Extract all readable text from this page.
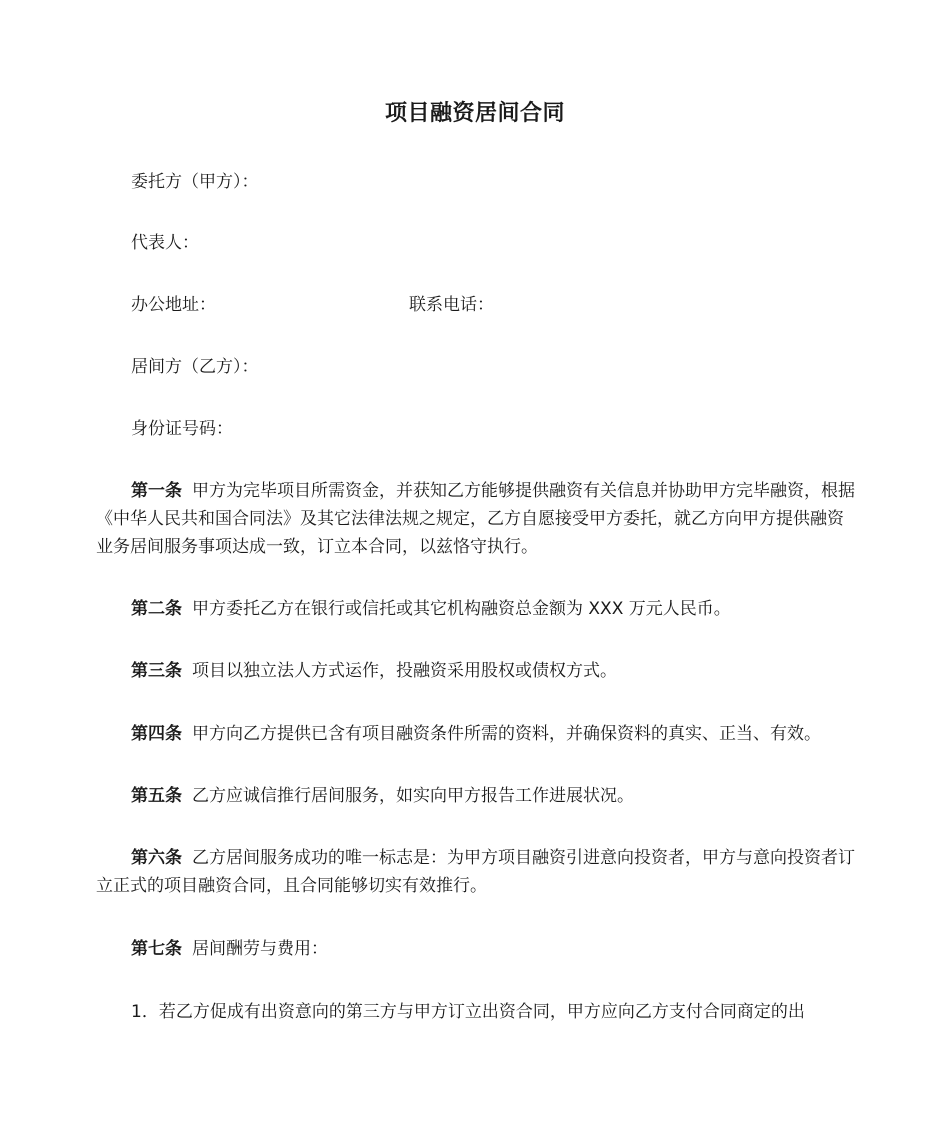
项目融资居间合同
委托方（甲方）：
代表人：
办公地址：	联系电话：
居间方（乙方）：
身份证号码：
第一条 甲方为完毕项目所需资金，并获知乙方能够提供融资有关信息并协助甲方完毕融资，根据《中华人民共和国合同法》及其它法律法规之规定，乙方自愿接受甲方委托，就乙方向甲方提供融资业务居间服务事项达成一致，订立本合同，以兹恪守执行。
第二条 甲方委托乙方在银行或信托或其它机构融资总金额为 XXX 万元人民币。
第三条 项目以独立法人方式运作，投融资采用股权或债权方式。
第四条 甲方向乙方提供已含有项目融资条件所需的资料，并确保资料的真实、正当、有效。
第五条 乙方应诚信推行居间服务，如实向甲方报告工作进展状况。
第六条 乙方居间服务成功的唯一标志是：为甲方项目融资引进意向投资者，甲方与意向投资者订立正式的项目融资合同，且合同能够切实有效推行。
第七条 居间酬劳与费用：
1．若乙方促成有出资意向的第三方与甲方订立出资合同，甲方应向乙方支付合同商定的出
